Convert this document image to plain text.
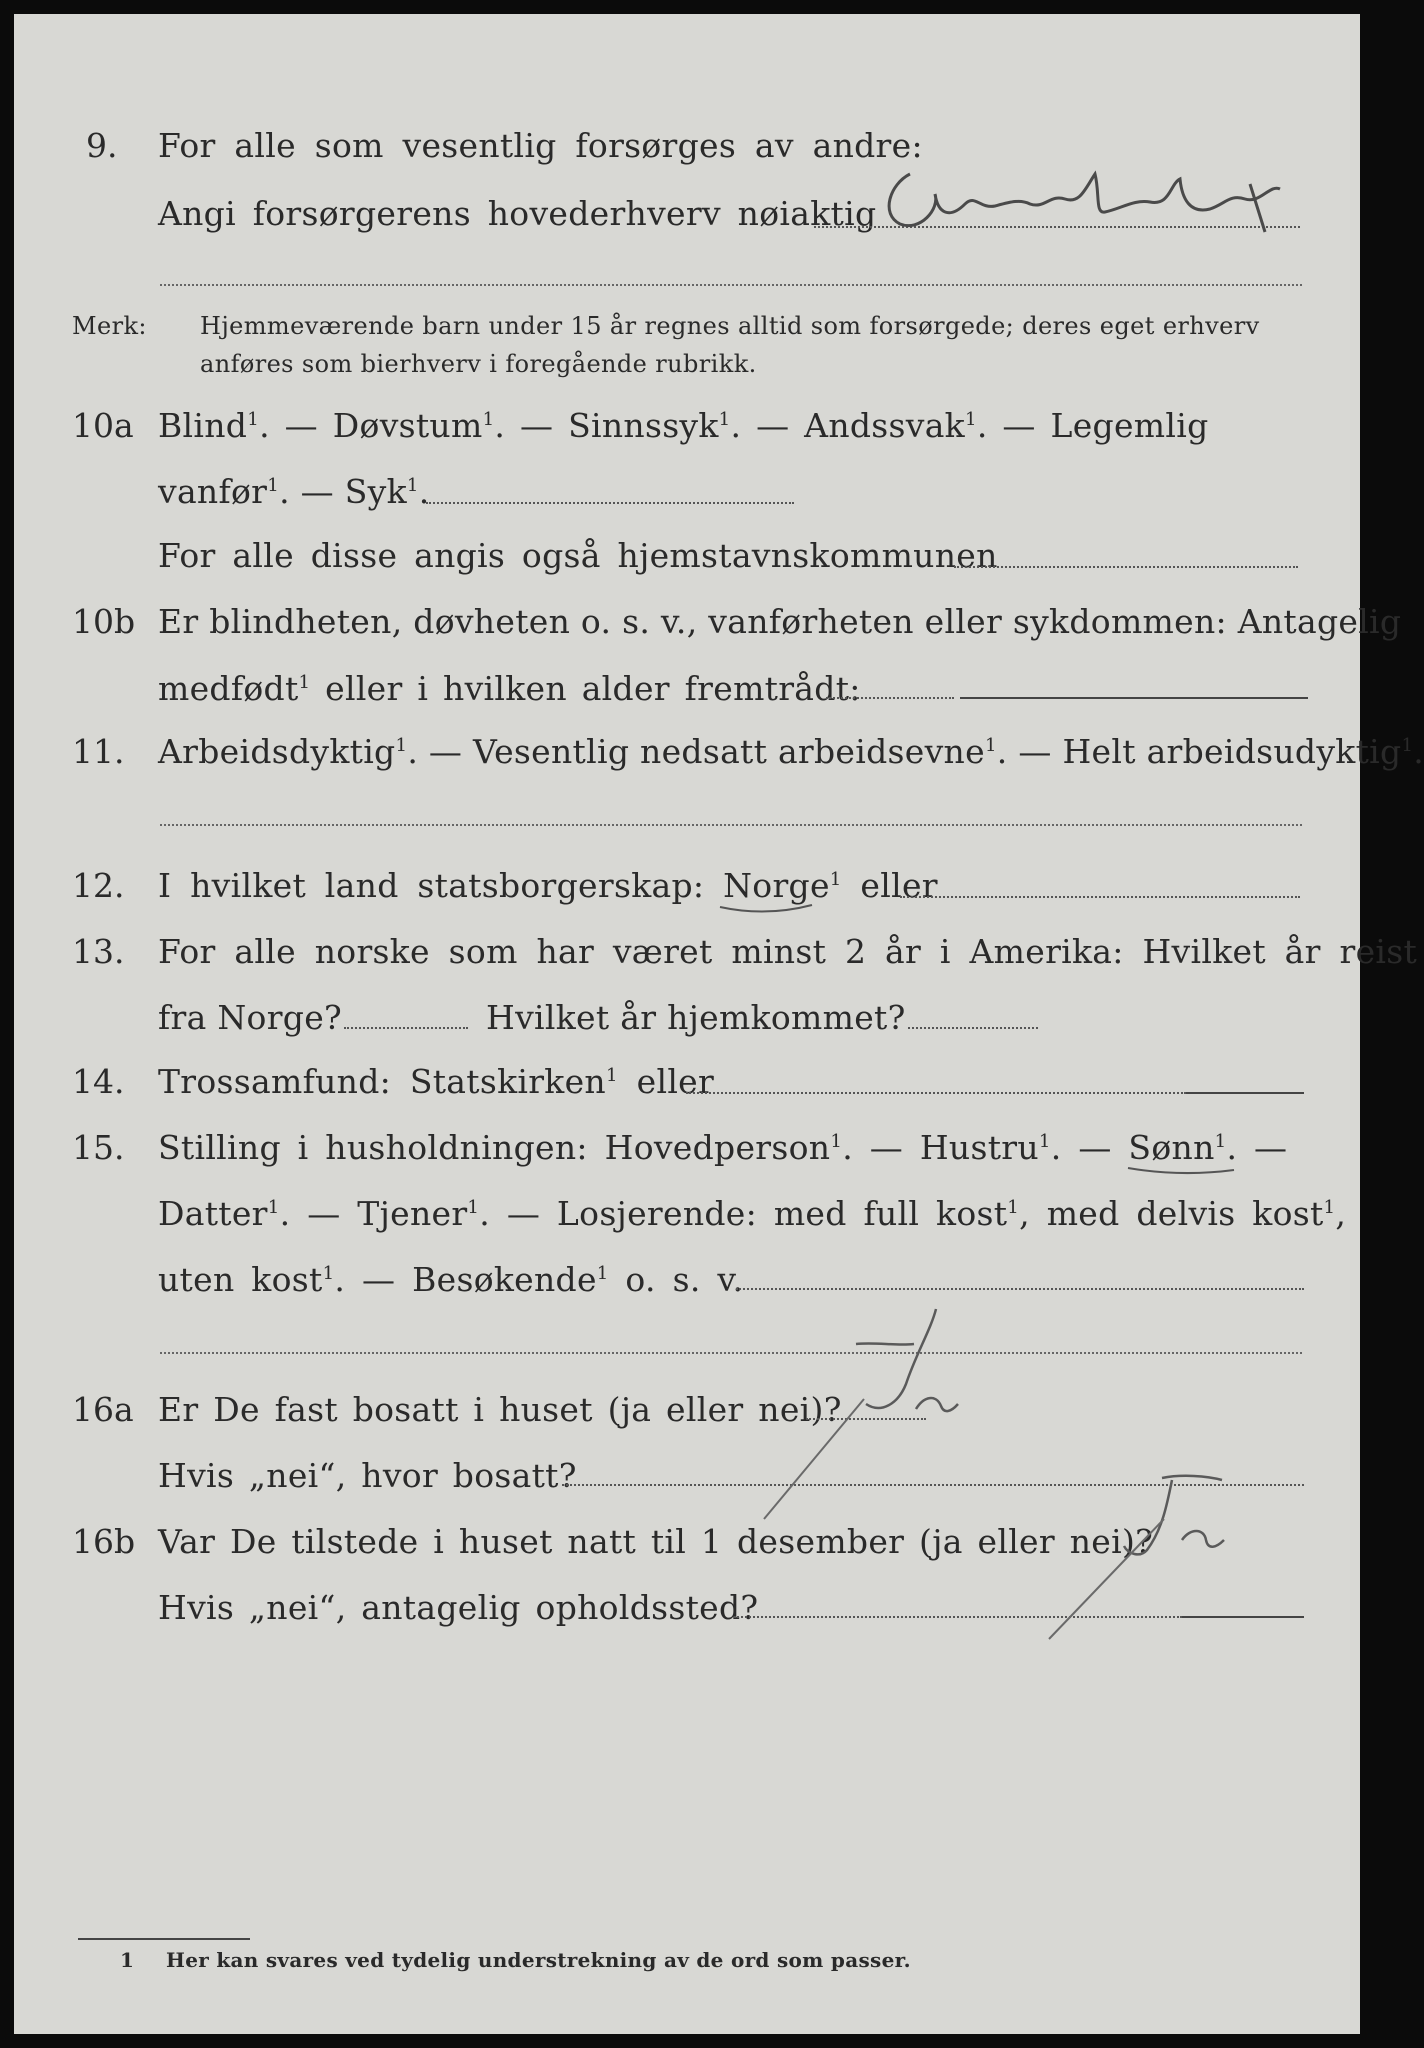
9. For alle som vesentlig forsørges av andre:
Angi forsørgerens hovederhverv nøiaktig
Merk: Hjemmeværende barn under 15 år regnes alltid som forsørgede; deres eget erhverv
anføres som bierhverv i foregående rubrikk.
10a Blind$^1$. — Døvstum$^1$. — Sinnssyk$^1$. — Andssvak$^1$. — Legemlig
vanfør$^1$. — Syk$^1$.
For alle disse angis også hjemstavnskommunen
10b Er blindheten, døvheten o. s. v., vanførheten eller sykdommen: Antagelig
medfødt$^1$ eller i hvilken alder fremtrådt:
11. Arbeidsdyktig$^1$. — Vesentlig nedsatt arbeidsevne$^1$. — Helt arbeidsudyktig$^1$.
12. I hvilket land statsborgerskap: Norge$^1$ eller
13. For alle norske som har været minst 2 år i Amerika: Hvilket år reist
fra Norge?	Hvilket år hjemkommet?
14. Trossamfund: Statskirken$^1$ eller
15. Stilling i husholdningen: Hovedperson$^1$. — Hustru$^1$. — Sønn$^1$. —
Datter$^1$. — Tjener$^1$. — Losjerende: med full kost$^1$, med delvis kost$^1$,
uten kost$^1$. — Besøkende$^1$ o. s. v.
16a Er De fast bosatt i huset (ja eller nei)?
Hvis „nei“, hvor bosatt?
16b Var De tilstede i huset natt til 1 desember (ja eller nei)?
Hvis „nei“, antagelig opholdssted?
1 Her kan svares ved tydelig understrekning av de ord som passer.
